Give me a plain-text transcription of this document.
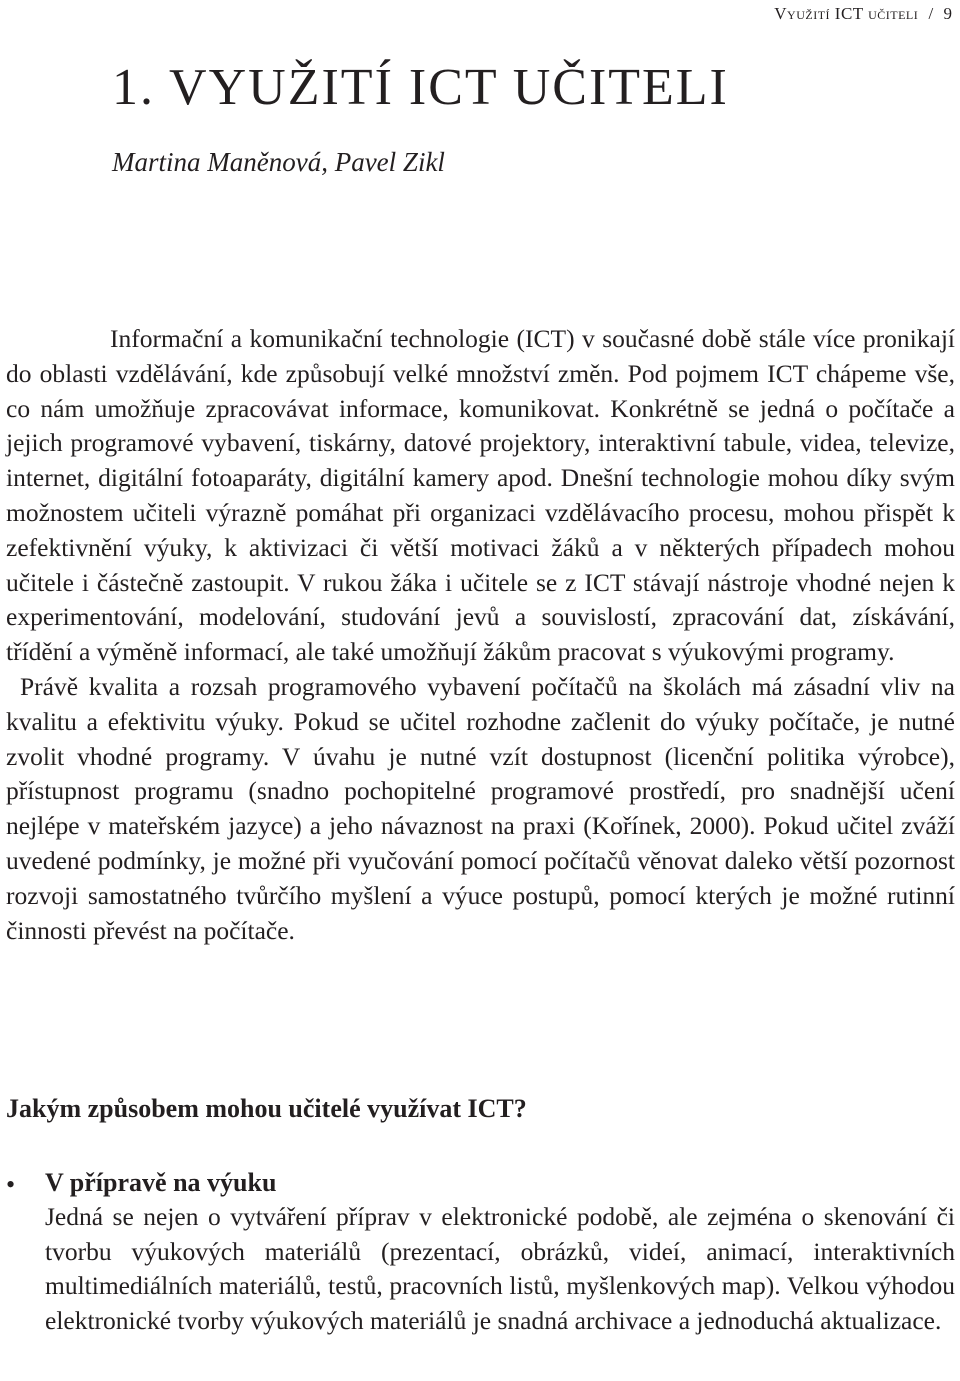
Využití ICT učiteli / 9
1. VYUŽITÍ ICT UČITELI

Martina Maněnová, Pavel Zikl

Informační a komunikační technologie (ICT) v současné době stále více pronikají do oblasti vzdělávání, kde způsobují velké množství změn. Pod pojmem ICT chápeme vše, co nám umožňuje zpracovávat informace, komunikovat. Konkrétně se jedná o počítače a jejich programové vybavení, tiskárny, datové projektory, interaktivní tabule, videa, televize, internet, digitální fotoaparáty, digitální kamery apod. Dnešní technologie mohou díky svým možnostem učiteli výrazně pomáhat při organizaci vzdělávacího procesu, mohou přispět k zefektivnění výuky, k aktivizaci či větší motivaci žáků a v některých případech mohou učitele i částečně zastoupit. V rukou žáka i učitele se z ICT stávají nástroje vhodné nejen k experimentování, modelování, studování jevů a souvislostí, zpracování dat, získávání, třídění a výměně informací, ale také umožňují žákům pracovat s výukovými programy.

Právě kvalita a rozsah programového vybavení počítačů na školách má zásadní vliv na kvalitu a efektivitu výuky. Pokud se učitel rozhodne začlenit do výuky počítače, je nutné zvolit vhodné programy. V úvahu je nutné vzít dostupnost (licenční politika výrobce), přístupnost programu (snadno pochopitelné programové prostředí, pro snadnější učení nejlépe v mateřském jazyce) a jeho návaznost na praxi (Kořínek, 2000). Pokud učitel zváží uvedené podmínky, je možné při vyučování pomocí počítačů věnovat daleko větší pozornost rozvoji samostatného tvůrčího myšlení a výuce postupů, pomocí kterých je možné rutinní činnosti převést na počítače.

Jakým způsobem mohou učitelé využívat ICT?
• V přípravě na výuku
Jedná se nejen o vytváření příprav v elektronické podobě, ale zejména o skenování či tvorbu výukových materiálů (prezentací, obrázků, videí, animací, interaktivních multimediálních materiálů, testů, pracovních listů, myšlenkových map). Velkou výhodou elektronické tvorby výukových materiálů je snadná archivace a jednoduchá aktualizace.
